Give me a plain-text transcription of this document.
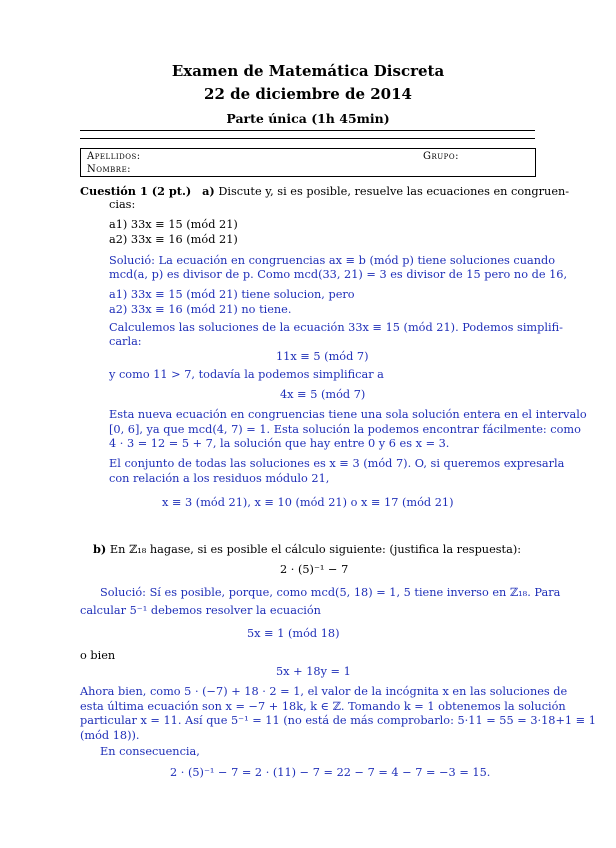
Examen de Matemática Discreta
22 de diciembre de 2014
Parte única (1h 45min)
Apellidos:	Grupo:
Nombre:
Cuestión 1 (2 pt.) a) Discute y, si es posible, resuelve las ecuaciones en congruen-
cias:
a1) 33x ≡ 15 (mód 21)
a2) 33x ≡ 16 (mód 21)
Solució: La ecuación en congruencias ax ≡ b (mód p) tiene soluciones cuando
mcd(a, p) es divisor de p. Como mcd(33, 21) = 3 es divisor de 15 pero no de 16,
a1) 33x ≡ 15 (mód 21) tiene solucion, pero
a2) 33x ≡ 16 (mód 21) no tiene.
Calculemos las soluciones de la ecuación 33x ≡ 15 (mód 21). Podemos simplifi-
carla:
11x ≡ 5 (mód 7)
y como 11 > 7, todavía la podemos simplificar a
4x ≡ 5 (mód 7)
Esta nueva ecuación en congruencias tiene una sola solución entera en el intervalo
[0, 6], ya que mcd(4, 7) = 1. Esta solución la podemos encontrar fácilmente: como
4 · 3 = 12 = 5 + 7, la solución que hay entre 0 y 6 es x = 3.
El conjunto de todas las soluciones es x ≡ 3 (mód 7). O, si queremos expresarla
con relación a los residuos módulo 21,
x ≡ 3 (mód 21), x ≡ 10 (mód 21) o x ≡ 17 (mód 21)
b) En ℤ₁₈ hagase, si es posible el cálculo siguiente: (justifica la respuesta):
2 · (5)⁻¹ − 7
Solució: Sí es posible, porque, como mcd(5, 18) = 1, 5 tiene inverso en ℤ₁₈. Para
calcular 5⁻¹ debemos resolver la ecuación
5x ≡ 1 (mód 18)
o bien
5x + 18y = 1
Ahora bien, como 5 · (−7) + 18 · 2 = 1, el valor de la incógnita x en las soluciones de
esta última ecuación son x = −7 + 18k, k ∈ ℤ. Tomando k = 1 obtenemos la solución
particular x = 11. Así que 5⁻¹ = 11 (no está de más comprobarlo: 5·11 = 55 = 3·18+1 ≡ 1
(mód 18)).
En consecuencia,
2 · (5)⁻¹ − 7 = 2 · (11) − 7 = 22 − 7 = 4 − 7 = −3 = 15.
